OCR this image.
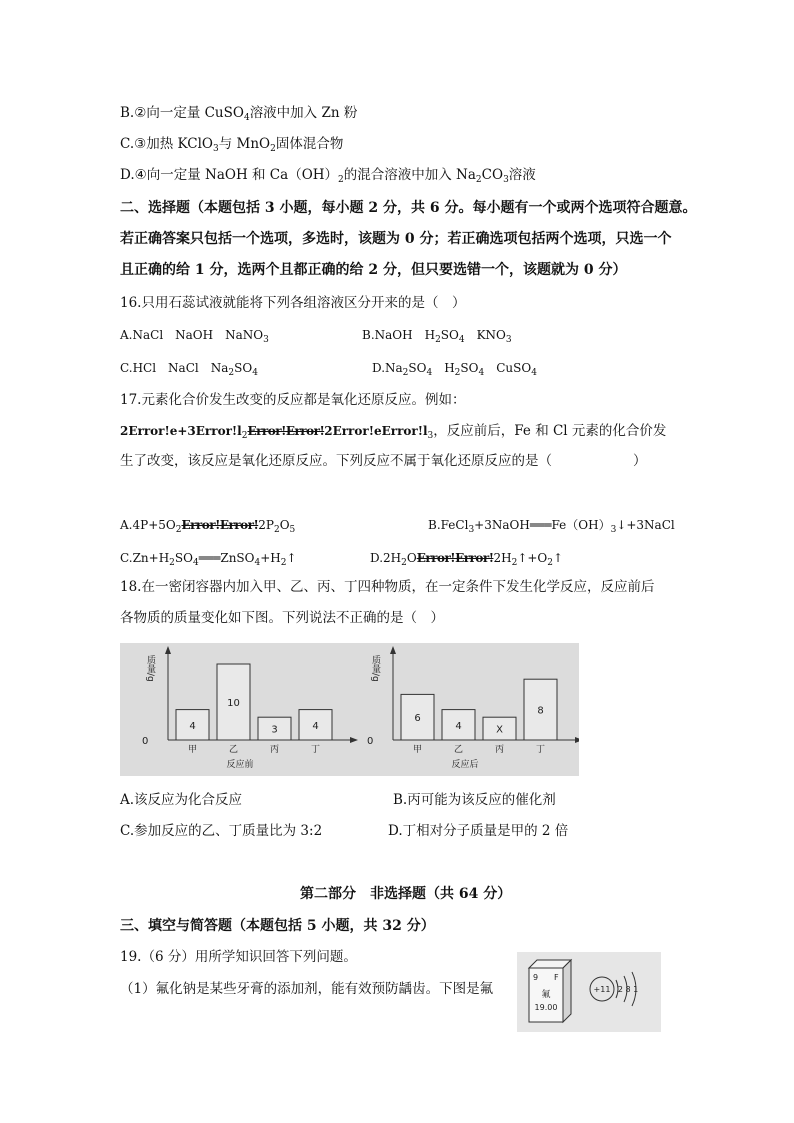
B.②向一定量 CuSO$_4$溶液中加入 Zn 粉
C.③加热 KClO$_3$与 MnO$_2$固体混合物
D.④向一定量 NaOH 和 $Ca(OH)_2$的混合溶液中加入 $Na_2CO_3$溶液
二、选择题（本题包括 3 小题，每小题 2 分，共 6 分。每小题有一个或两个选项符合题意。
若正确答案只包括一个选项，多选时，该题为 0 分；若正确选项包括两个选项，只选一个
且正确的给 1 分，选两个且都正确的给 2 分，但只要选错一个，该题就为 0 分）
16.只用石蕊试液就能将下列各组溶液区分开来的是（　）
A.NaCl　NaOH　NaNO$_3$	B.NaOH　$H_2SO_4$　$KNO_3$
C.HCl　NaCl　$Na_2SO_4$	$D.Na_2SO_4$　$H_2SO_4$　CuSO$_4$
17.元素化合价发生改变的反应都是氧化还原反应。例如：
$2Error!e+3Error!l_2Error!Error!2Error!eError!l_3$，反应前后，Fe 和 Cl 元素的化合价发
生了改变，该反应是氧化还原反应。下列反应不属于氧化还原反应的是（　　　　　　）
$A.4P+5O_2Error!Error!2P_2O_5$	$B.FeCl_3+3NaOH═══Fe(OH)_3↓+3NaCl$
$C.Zn+H_2SO_4═══ZnSO_4+H_2↑$	$D.2H_2OError!Error!2H_2↑+O_2↑$
18.在一密闭容器内加入甲、乙、丙、丁四种物质，在一定条件下发生化学反应，反应前后
各物质的质量变化如下图。下列说法不正确的是（　）
质量/g
0
4
甲
10
乙
3
丙
4
丁
反应前
质量/g
0
6
甲
4
乙
X
丙
8
丁
反应后
A.该反应为化合反应	B.丙可能为该反应的催化剂
C.参加反应的乙、丁质量比为 3:2	D.丁相对分子质量是甲的 2 倍
第二部分　非选择题（共 64 分）
三、填空与简答题（本题包括 5 小题，共 32 分）
19.（6 分）用所学知识回答下列问题。
（1）氟化钠是某些牙膏的添加剂，能有效预防龋齿。下图是氟
9 F
氟
19.00
+11 2 8 1
